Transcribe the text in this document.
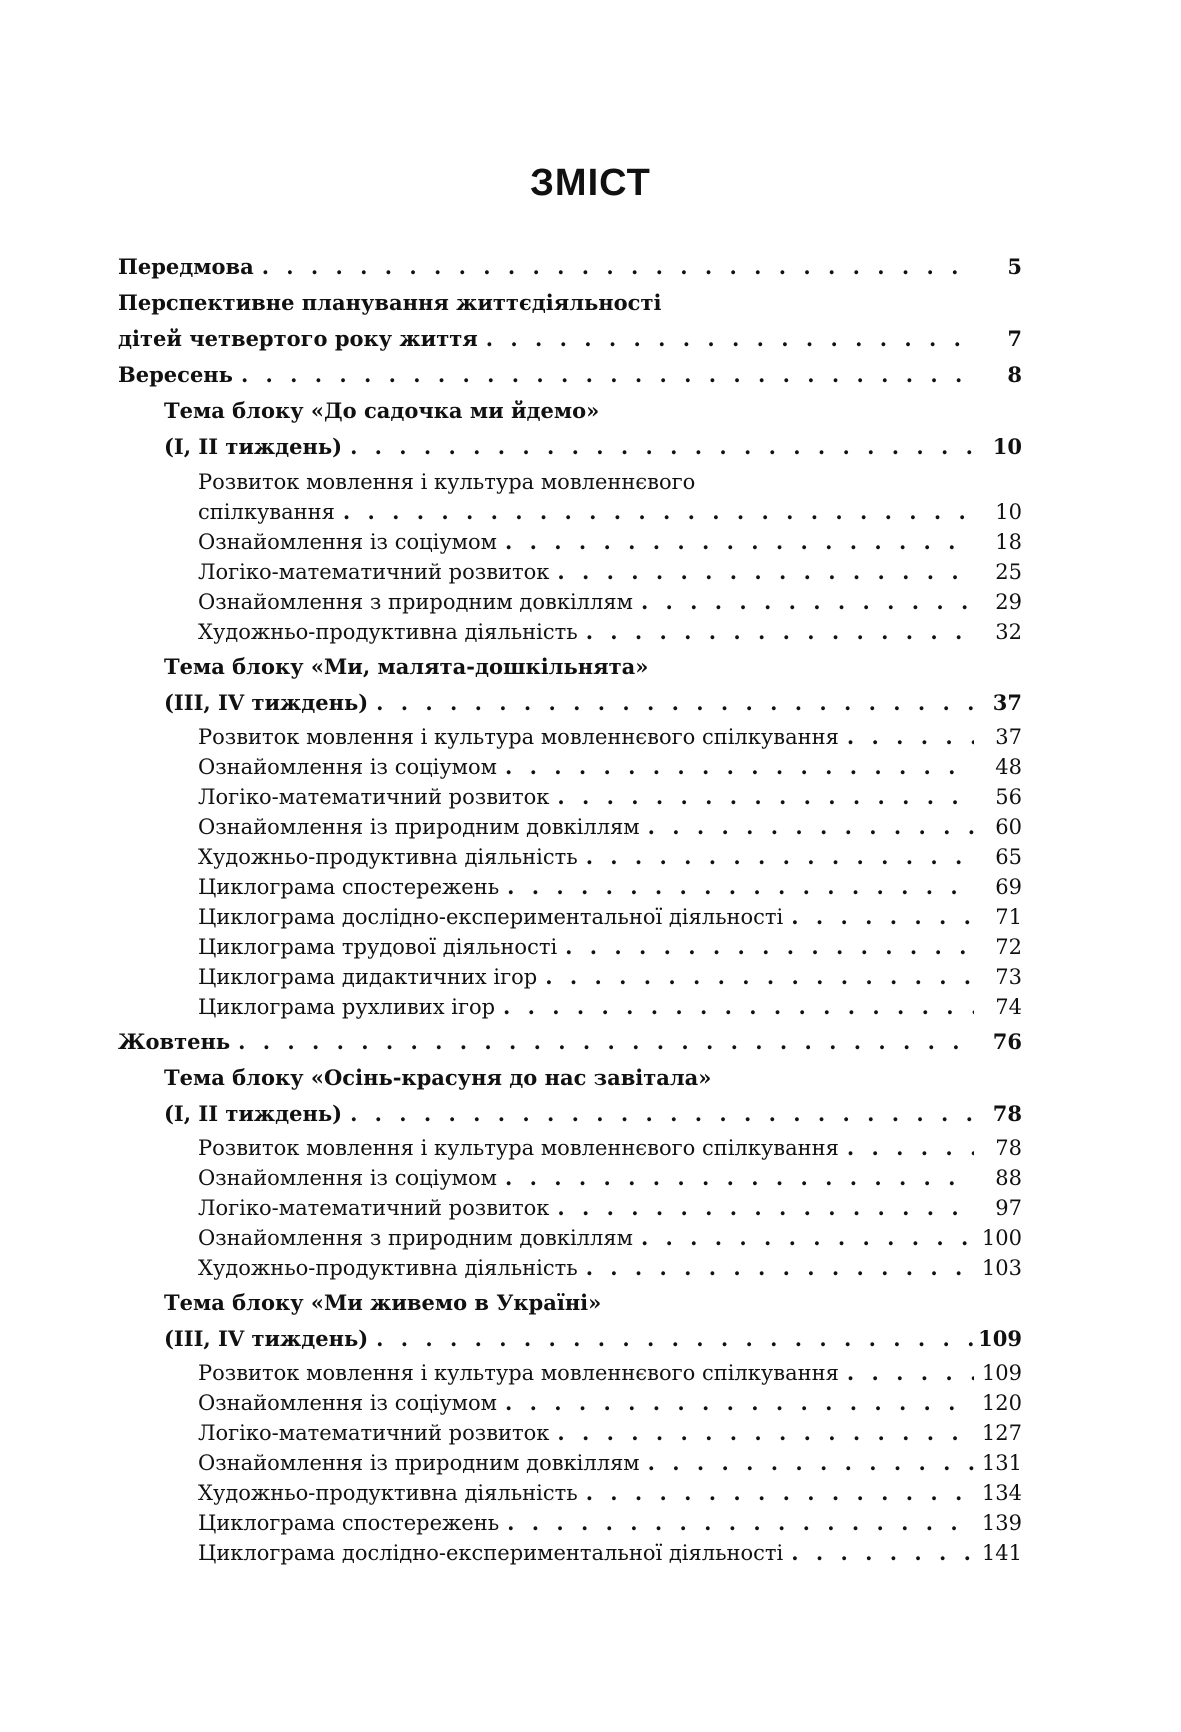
ЗМІСТ
Передмова . . .	5
Перспективне планування життєдіяльності
дітей четвертого року життя . . .	7
Вересень . . .	8
Тема блоку «До садочка ми йдемо»
(І, ІІ тиждень) . . .	10
Розвиток мовлення і культура мовленнєвого
спілкування . . .	10
Ознайомлення із соціумом . . .	18
Логіко-математичний розвиток . . .	25
Ознайомлення з природним довкіллям . . .	29
Художньо-продуктивна діяльність . . .	32
Тема блоку «Ми, малята-дошкільнята»
(ІІІ, ІV тиждень) . . .	37
Розвиток мовлення і культура мовленнєвого спілкування . . .	37
Ознайомлення із соціумом . . .	48
Логіко-математичний розвиток . . .	56
Ознайомлення із природним довкіллям . . .	60
Художньо-продуктивна діяльність . . .	65
Циклограма спостережень . . .	69
Циклограма дослідно-експериментальної діяльності . . .	71
Циклограма трудової діяльності . . .	72
Циклограма дидактичних ігор . . .	73
Циклограма рухливих ігор . . .	74
Жовтень . . .	76
Тема блоку «Осінь-красуня до нас завітала»
(І, ІІ тиждень) . . .	78
Розвиток мовлення і культура мовленнєвого спілкування . . .	78
Ознайомлення із соціумом . . .	88
Логіко-математичний розвиток . . .	97
Ознайомлення з природним довкіллям . . .	100
Художньо-продуктивна діяльність . . .	103
Тема блоку «Ми живемо в Україні»
(ІІІ, ІV тиждень) . . .	109
Розвиток мовлення і культура мовленнєвого спілкування . . .	109
Ознайомлення із соціумом . . .	120
Логіко-математичний розвиток . . .	127
Ознайомлення із природним довкіллям . . .	131
Художньо-продуктивна діяльність . . .	134
Циклограма спостережень . . .	139
Циклограма дослідно-експериментальної діяльності . . .	141
